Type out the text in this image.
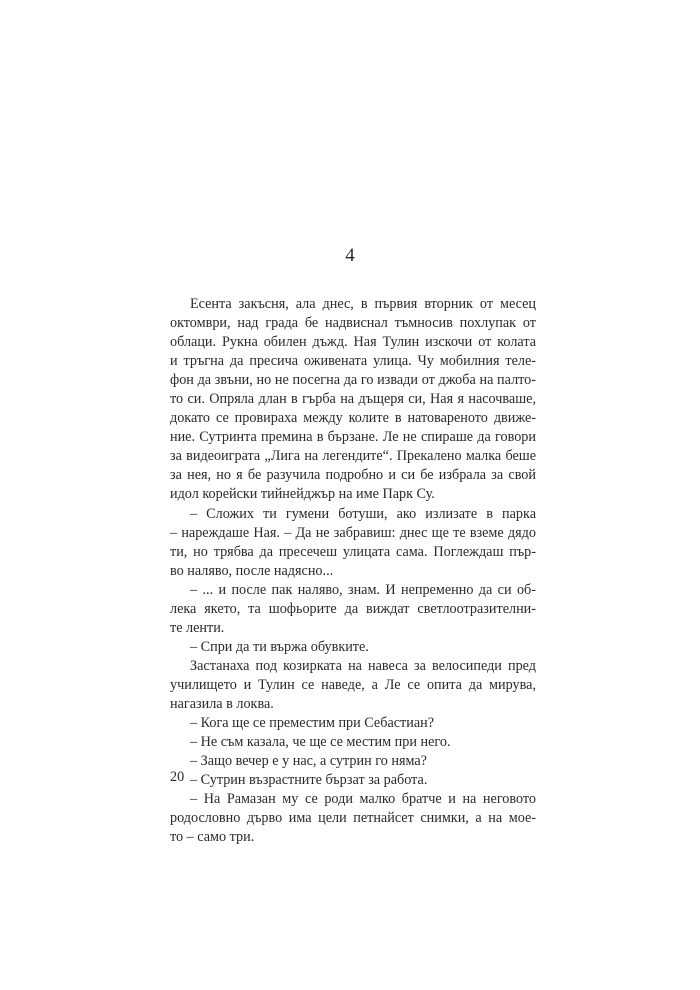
4
Есента закъсня, ала днес, в първия вторник от месец
октомври, над града бе надвиснал тъмносив похлупак от
облаци. Рукна обилен дъжд. Ная Тулин изскочи от колата
и тръгна да пресича оживената улица. Чу мобилния теле-
фон да звъни, но не посегна да го извади от джоба на палто-
то си. Опряла длан в гърба на дъщеря си, Ная я насочваше,
докато се провираха между колите в натовареното движе-
ние. Сутринта премина в бързане. Ле не спираше да говори
за видеоиграта „Лига на легендите“. Прекалено малка беше
за нея, но я бе разучила подробно и си бе избрала за свой
идол корейски тийнейджър на име Парк Су.
– Сложих ти гумени ботуши, ако излизате в парка
– нареждаше Ная. – Да не забравиш: днес ще те вземе дядо
ти, но трябва да пресечеш улицата сама. Поглеждаш пър-
во наляво, после надясно...
– ... и после пак наляво, знам. И непременно да си об-
лека якето, та шофьорите да виждат светлоотразителни-
те ленти.
– Спри да ти вържа обувките.
Застанаха под козирката на навеса за велосипеди пред
училището и Тулин се наведе, а Ле се опита да мирува,
нагазила в локва.
– Кога ще се преместим при Себастиан?
– Не съм казала, че ще се местим при него.
– Защо вечер е у нас, а сутрин го няма?
– Сутрин възрастните бързат за работа.
– На Рамазан му се роди малко братче и на неговото
родословно дърво има цели петнайсет снимки, а на мое-
то – само три.
20
